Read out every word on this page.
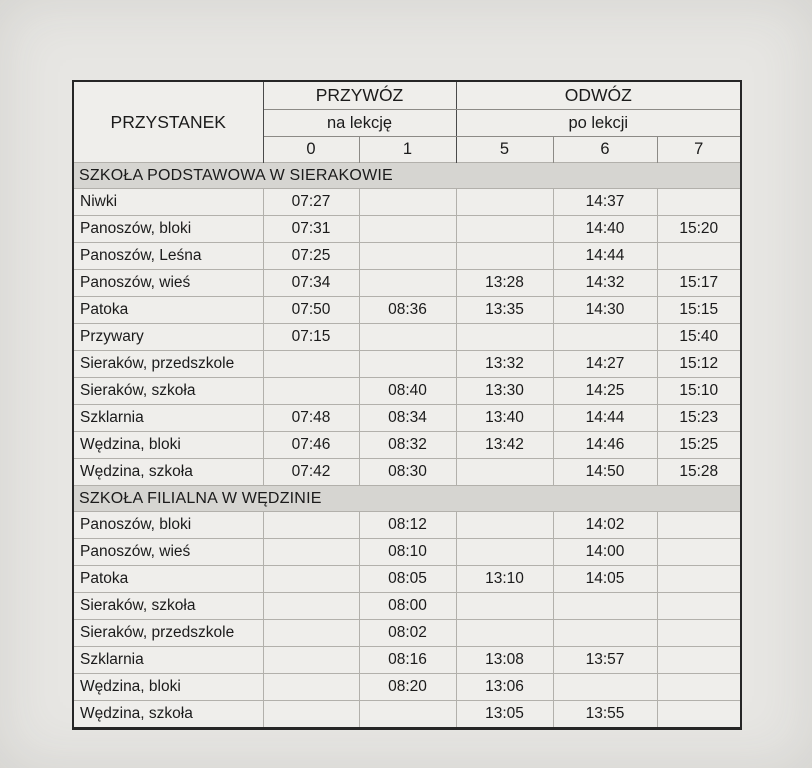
PRZYSTANEK	PRZYWÓZ		ODWÓZ		
	na lekcję		po lekcji		
	0	1	5	6	7
SZKOŁA PODSTAWOWA W SIERAKOWIE					
Niwki	07:27			14:37	
Panoszów, bloki	07:31			14:40	15:20
Panoszów, Leśna	07:25			14:44	
Panoszów, wieś	07:34		13:28	14:32	15:17
Patoka	07:50	08:36	13:35	14:30	15:15
Przywary	07:15				15:40
Sieraków, przedszkole			13:32	14:27	15:12
Sieraków, szkoła		08:40	13:30	14:25	15:10
Szklarnia	07:48	08:34	13:40	14:44	15:23
Wędzina, bloki	07:46	08:32	13:42	14:46	15:25
Wędzina, szkoła	07:42	08:30		14:50	15:28
SZKOŁA FILIALNA W WĘDZINIE					
Panoszów, bloki		08:12		14:02	
Panoszów, wieś		08:10		14:00	
Patoka		08:05	13:10	14:05	
Sieraków, szkoła		08:00			
Sieraków, przedszkole		08:02			
Szklarnia		08:16	13:08	13:57	
Wędzina, bloki		08:20	13:06		
Wędzina, szkoła			13:05	13:55	
